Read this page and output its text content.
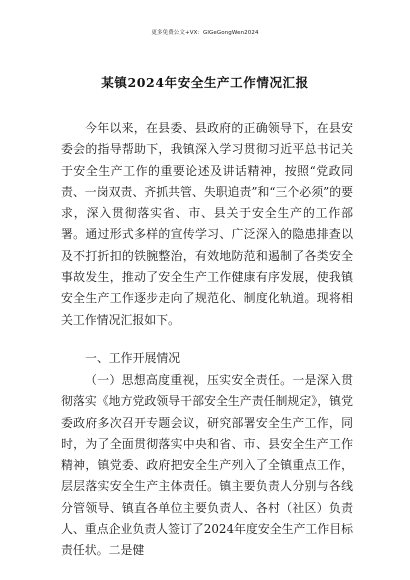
更多免费公文+VX：GlGeGongWen2024
某镇2024年安全生产工作情况汇报

今年以来，在县委、县政府的正确领导下，在县安委会的指导帮助下，我镇深入学习贯彻习近平总书记关于安全生产工作的重要论述及讲话精神，按照“党政同责、一岗双责、齐抓共管、失职追责”和“三个必须”的要求，深入贯彻落实省、市、县关于安全生产的工作部署。通过形式多样的宣传学习、广泛深入的隐患排查以及不打折扣的铁腕整治，有效地防范和遏制了各类安全事故发生，推动了安全生产工作健康有序发展，使我镇安全生产工作逐步走向了规范化、制度化轨道。现将相关工作情况汇报如下。

一、工作开展情况

（一）思想高度重视，压实安全责任。一是深入贯彻落实《地方党政领导干部安全生产责任制规定》，镇党委政府多次召开专题会议，研究部署安全生产工作，同时，为了全面贯彻落实中央和省、市、县安全生产工作精神，镇党委、政府把安全生产列入了全镇重点工作，层层落实安全生产主体责任。镇主要负责人分别与各线分管领导、镇直各单位主要负责人、各村（社区）负责人、重点企业负责人签订了2024年度安全生产工作目标责任状。二是健
